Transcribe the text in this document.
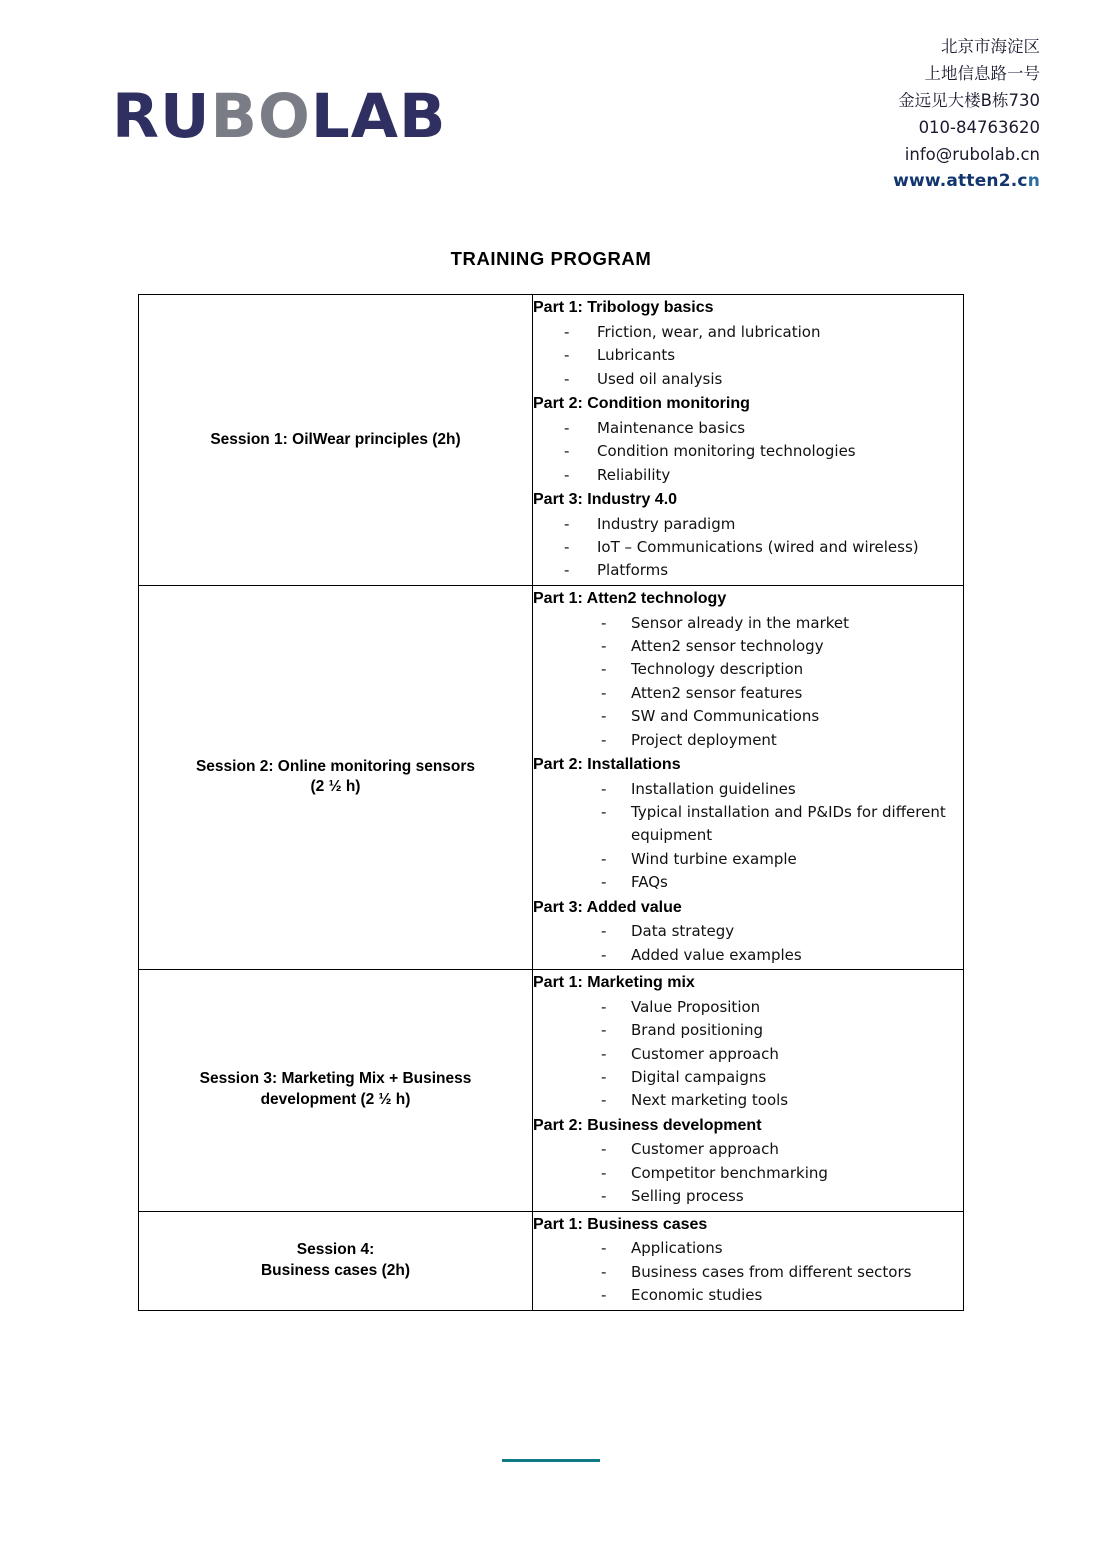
RUBOLAB
北京市海淀区
上地信息路一号
金远见大楼B栋730
010-84763620
info@rubolab.cn
www.atten2.cn
TRAINING PROGRAM
Session 1: OilWear principles (2h)	
Part 1: Tribology basics
- Friction, wear, and lubrication
- Lubricants
- Used oil analysis
Part 2: Condition monitoring
- Maintenance basics
- Condition monitoring technologies
- Reliability
Part 3: Industry 4.0
- Industry paradigm
- IoT – Communications (wired and wireless)
- Platforms

Session 2: Online monitoring sensors
(2 ½ h)

Part 1: Atten2 technology
- Sensor already in the market
- Atten2 sensor technology
- Technology description
- Atten2 sensor features
- SW and Communications
- Project deployment
Part 2: Installations
- Installation guidelines
- Typical installation and P&IDs for different equipment
- Wind turbine example
- FAQs
Part 3: Added value
- Data strategy
- Added value examples

Session 3: Marketing Mix + Business
development (2 ½ h)

Part 1: Marketing mix
- Value Proposition
- Brand positioning
- Customer approach
- Digital campaigns
- Next marketing tools
Part 2: Business development
- Customer approach
- Competitor benchmarking
- Selling process

Session 4:
Business cases (2h)

Part 1: Business cases
- Applications
- Business cases from different sectors
- Economic studies
